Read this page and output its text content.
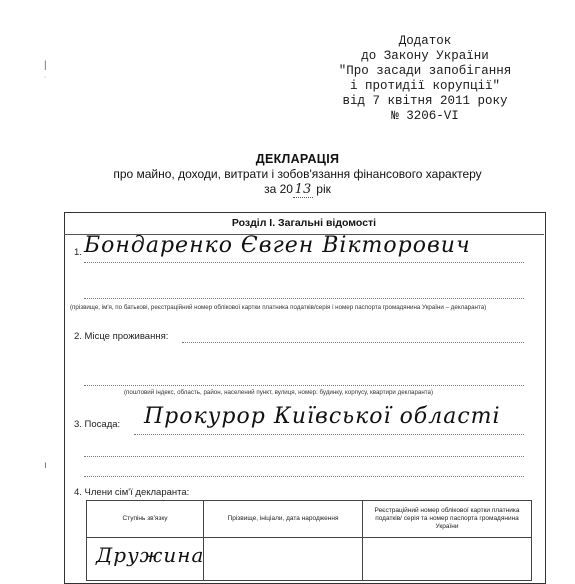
Додаток
до Закону України
"Про засади запобігання
і протидії корупції"
від 7 квітня 2011 року
№ 3206-VI
|
·
ı
ДЕКЛАРАЦІЯ
про майно, доходи, витрати і зобов'язання фінансового характеру
за 20 13 рік
Розділ І. Загальні відомості
1. Бондаренко Євген Вікторович
(прізвище, ім'я, по батькові, реєстраційний номер облікової картки платника податків/серія і номер паспорта громадянина України – декларанта)
2. Місце проживання:
(поштовий індекс, область, район, населений пункт, вулиця, номер: будинку, корпусу, квартири декларанта)
3. Посада: Прокурор Київської області
4. Члени сім'ї декларанта:
Ступінь зв'язку	Прізвище, ініціали, дата народження	Реєстраційний номер облікової картки платника податків/ серія та номер паспорта громадянина України
Дружина		
